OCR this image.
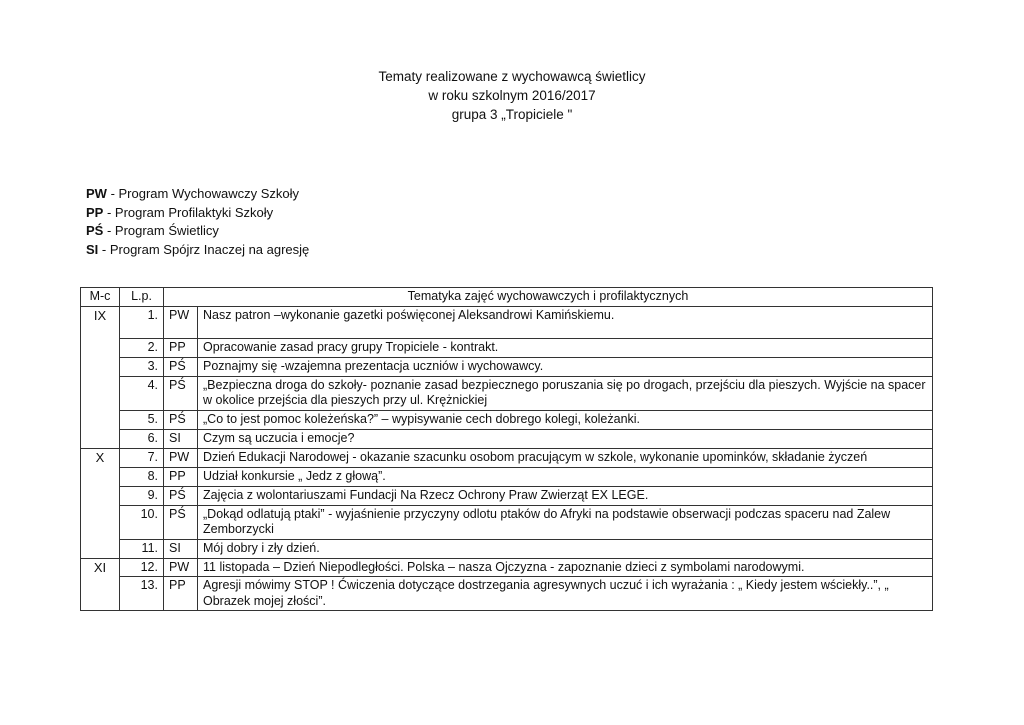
Tematy realizowane z wychowawcą świetlicy
w roku szkolnym 2016/2017
grupa 3 „Tropiciele "
PW - Program Wychowawczy Szkoły
PP - Program Profilaktyki Szkoły
PŚ - Program Świetlicy
SI - Program Spójrz Inaczej na agresję
M-c	L.p.	Tematyka zajęć wychowawczych i profilaktycznych	
IX	1.	PW	Nasz patron –wykonanie gazetki poświęconej Aleksandrowi Kamińskiemu.
	2.	PP	Opracowanie zasad pracy grupy Tropiciele - kontrakt.
	3.	PŚ	Poznajmy się -wzajemna prezentacja uczniów i wychowawcy.
	4.	PŚ	„Bezpieczna droga do szkoły- poznanie zasad bezpiecznego poruszania się po drogach, przejściu dla pieszych. Wyjście na spacer w okolice przejścia dla pieszych przy ul. Krężnickiej
	5.	PŚ	„Co to jest pomoc koleżeńska?” – wypisywanie cech dobrego kolegi, koleżanki.
	6.	SI	Czym są uczucia i emocje?
X	7.	PW	Dzień Edukacji Narodowej - okazanie szacunku osobom pracującym w szkole, wykonanie upominków, składanie życzeń
	8.	PP	Udział konkursie „ Jedz z głową”.
	9.	PŚ	Zajęcia z wolontariuszami Fundacji Na Rzecz Ochrony Praw Zwierząt EX LEGE.
	10.	PŚ	„Dokąd odlatują ptaki” - wyjaśnienie przyczyny odlotu ptaków do Afryki na podstawie obserwacji podczas spaceru nad Zalew Zemborzycki
	11.	SI	Mój dobry i zły dzień.
XI	12.	PW	11 listopada – Dzień Niepodległości. Polska – nasza Ojczyzna - zapoznanie dzieci z symbolami narodowymi.
	13.	PP	Agresji mówimy STOP ! Ćwiczenia dotyczące dostrzegania agresywnych uczuć i ich wyrażania : „ Kiedy jestem wściekły..”, „ Obrazek mojej złości”.
